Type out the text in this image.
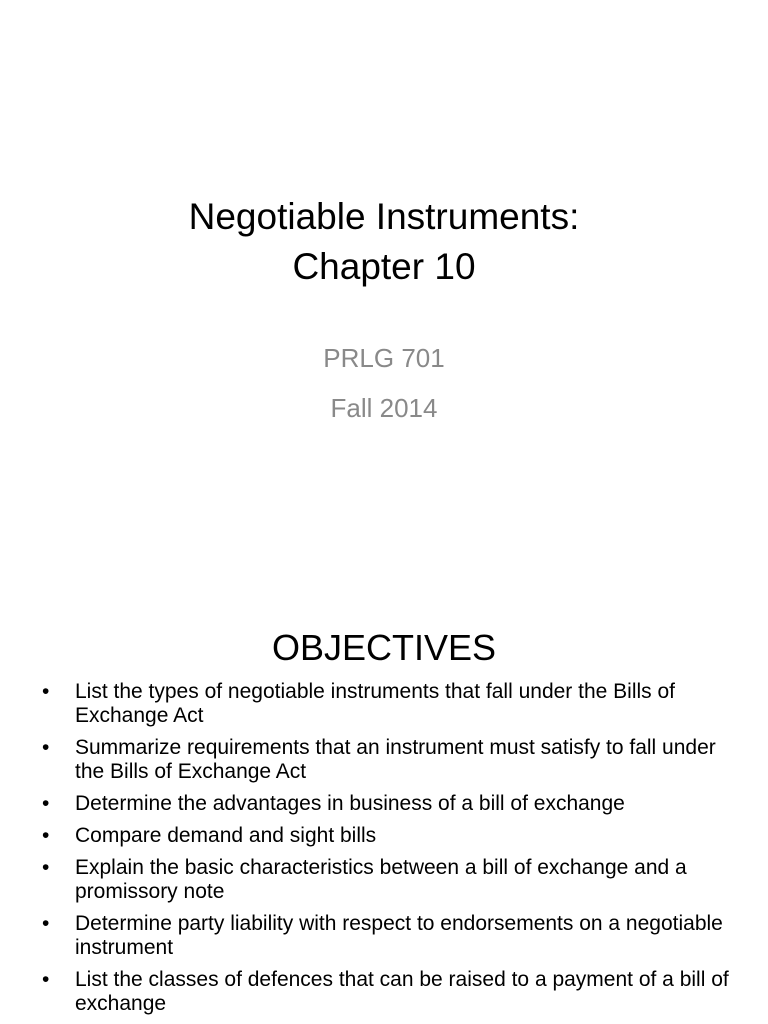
Negotiable Instruments:
Chapter 10
PRLG 701
Fall 2014
OBJECTIVES
• List the types of negotiable instruments that fall under the Bills of Exchange Act
• Summarize requirements that an instrument must satisfy to fall under the Bills of Exchange Act
• Determine the advantages in business of a bill of exchange
• Compare demand and sight bills
• Explain the basic characteristics between a bill of exchange and a promissory note
• Determine party liability with respect to endorsements on a negotiable instrument
• List the classes of defences that can be raised to a payment of a bill of exchange
